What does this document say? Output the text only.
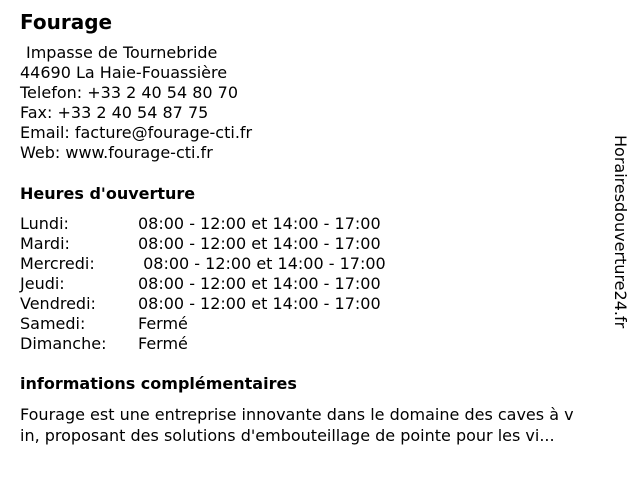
Fourage
Impasse de Tournebride
44690 La Haie-Fouassière
Telefon: +33 2 40 54 80 70
Fax: +33 2 40 54 87 75
Email: facture@fourage-cti.fr
Web: www.fourage-cti.fr
Heures d'ouverture
Lundi:	08:00 - 12:00 et 14:00 - 17:00
Mardi:	08:00 - 12:00 et 14:00 - 17:00
Mercredi:	08:00 - 12:00 et 14:00 - 17:00
Jeudi:	08:00 - 12:00 et 14:00 - 17:00
Vendredi:	08:00 - 12:00 et 14:00 - 17:00
Samedi:	Fermé
Dimanche: Fermé
informations complémentaires
Fourage est une entreprise innovante dans le domaine des caves à v
in, proposant des solutions d'embouteillage de pointe pour les vi...
Horairesdouverture24.fr
